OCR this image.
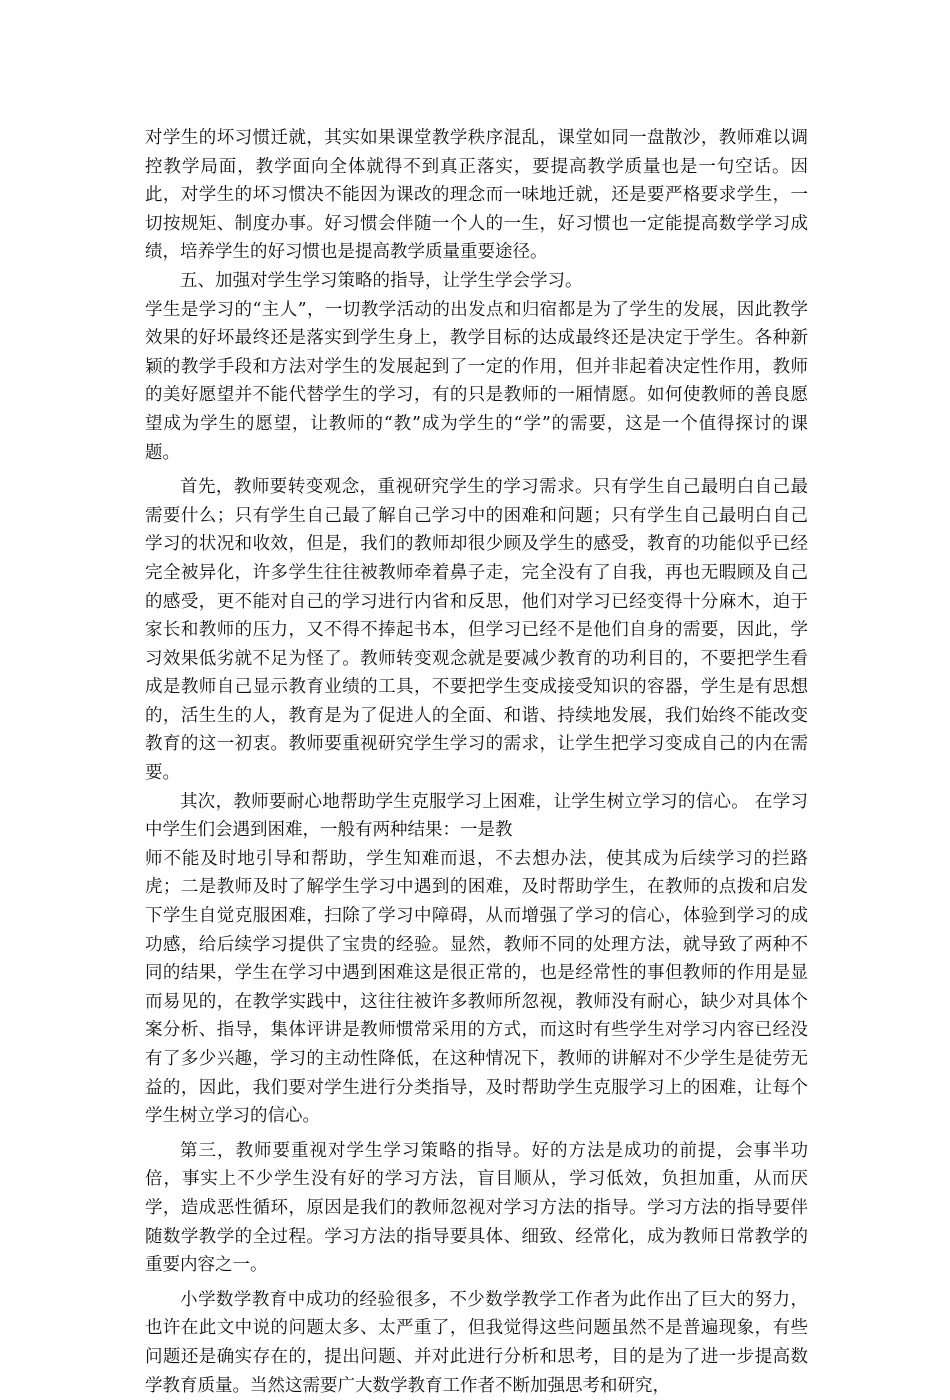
对学生的坏习惯迁就，其实如果课堂教学秩序混乱，课堂如同一盘散沙，教师难以调控教学局面，教学面向全体就得不到真正落实，要提高教学质量也是一句空话。因此，对学生的坏习惯决不能因为课改的理念而一味地迁就，还是要严格要求学生，一切按规矩、制度办事。好习惯会伴随一个人的一生，好习惯也一定能提高数学学习成绩，培养学生的好习惯也是提高教学质量重要途径。

五、加强对学生学习策略的指导，让学生学会学习。

学生是学习的“主人”，一切教学活动的出发点和归宿都是为了学生的发展，因此教学效果的好坏最终还是落实到学生身上，教学目标的达成最终还是决定于学生。各种新颖的教学手段和方法对学生的发展起到了一定的作用，但并非起着决定性作用，教师的美好愿望并不能代替学生的学习，有的只是教师的一厢情愿。如何使教师的善良愿望成为学生的愿望，让教师的“教”成为学生的“学”的需要，这是一个值得探讨的课题。

首先，教师要转变观念，重视研究学生的学习需求。只有学生自己最明白自己最需要什么；只有学生自己最了解自己学习中的困难和问题；只有学生自己最明白自己学习的状况和收效，但是，我们的教师却很少顾及学生的感受，教育的功能似乎已经完全被异化，许多学生往往被教师牵着鼻子走，完全没有了自我，再也无暇顾及自己的感受，更不能对自己的学习进行内省和反思，他们对学习已经变得十分麻木，迫于家长和教师的压力，又不得不捧起书本，但学习已经不是他们自身的需要，因此，学习效果低劣就不足为怪了。教师转变观念就是要减少教育的功利目的，不要把学生看成是教师自己显示教育业绩的工具，不要把学生变成接受知识的容器，学生是有思想的，活生生的人，教育是为了促进人的全面、和谐、持续地发展，我们始终不能改变教育的这一初衷。教师要重视研究学生学习的需求，让学生把学习变成自己的内在需要。

其次，教师要耐心地帮助学生克服学习上困难，让学生树立学习的信心。 在学习中学生们会遇到困难，一般有两种结果：一是教

师不能及时地引导和帮助，学生知难而退，不去想办法，使其成为后续学习的拦路虎；二是教师及时了解学生学习中遇到的困难，及时帮助学生，在教师的点拨和启发下学生自觉克服困难，扫除了学习中障碍，从而增强了学习的信心，体验到学习的成功感，给后续学习提供了宝贵的经验。显然，教师不同的处理方法，就导致了两种不同的结果，学生在学习中遇到困难这是很正常的，也是经常性的事但教师的作用是显而易见的，在教学实践中，这往往被许多教师所忽视，教师没有耐心，缺少对具体个案分析、指导，集体评讲是教师惯常采用的方式，而这时有些学生对学习内容已经没有了多少兴趣，学习的主动性降低，在这种情况下，教师的讲解对不少学生是徒劳无益的，因此，我们要对学生进行分类指导，及时帮助学生克服学习上的困难，让每个学生树立学习的信心。

第三，教师要重视对学生学习策略的指导。好的方法是成功的前提，会事半功倍，事实上不少学生没有好的学习方法，盲目顺从，学习低效，负担加重，从而厌学，造成恶性循环，原因是我们的教师忽视对学习方法的指导。学习方法的指导要伴随数学教学的全过程。学习方法的指导要具体、细致、经常化，成为教师日常教学的重要内容之一。

小学数学教育中成功的经验很多，不少数学教学工作者为此作出了巨大的努力，也许在此文中说的问题太多、太严重了，但我觉得这些问题虽然不是普遍现象，有些问题还是确实存在的，提出问题、并对此进行分析和思考，目的是为了进一步提高数学教育质量。当然这需要广大数学教育工作者不断加强思考和研究，
